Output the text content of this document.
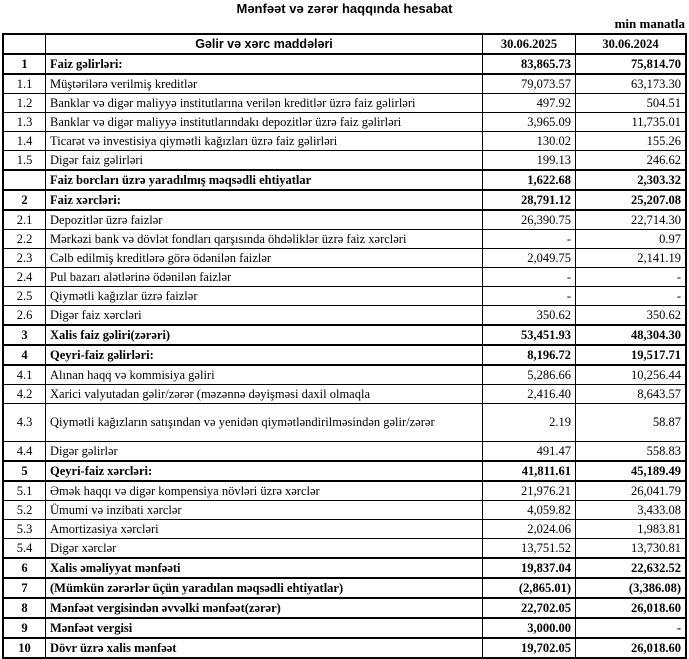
Mənfəət və zərər haqqında hesabat
min manatla
	Gəlir və xərc maddələri	30.06.2025	30.06.2024
1	Faiz gəlirləri:	83,865.73	75,814.70
1.1	Müştərilərə verilmiş kreditlər	79,073.57	63,173.30
1.2	Banklar və digər maliyyə institutlarına verilən kreditlər üzrə faiz gəlirləri	497.92	504.51
1.3	Banklar və digər maliyyə institutlarındakı depozitlər üzrə faiz gəlirləri	3,965.09	11,735.01
1.4	Ticarət və investisiya qiymətli kağızları üzrə faiz gəlirləri	130.02	155.26
1.5	Digər faiz gəlirləri	199.13	246.62
	Faiz borcları üzrə yaradılmış məqsədli ehtiyatlar	1,622.68	2,303.32
2	Faiz xərcləri:	28,791.12	25,207.08
2.1	Depozitlər üzrə faizlər	26,390.75	22,714.30
2.2	Mərkəzi bank və dövlət fondları qarşısında öhdəliklər üzrə faiz xərcləri	-	0.97
2.3	Cəlb edilmiş kreditlərə görə ödənilən faizlər	2,049.75	2,141.19
2.4	Pul bazarı alətlərinə ödənilən faizlər	-	-
2.5	Qiymətli kağızlar üzrə faizlər	-	-
2.6	Digər faiz xərcləri	350.62	350.62
3	Xalis faiz gəliri(zərəri)	53,451.93	48,304.30
4	Qeyri-faiz gəlirləri:	8,196.72	19,517.71
4.1	Alınan haqq və kommisiya gəliri	5,286.66	10,256.44
4.2	Xarici valyutadan gəlir/zərər (məzənnə dəyişməsi daxil olmaqla	2,416.40	8,643.57
4.3	Qiymətli kağızların satışından və yenidən qiymətləndirilməsindən gəlir/zərər	2.19	58.87
4.4	Digər gəlirlər	491.47	558.83
5	Qeyri-faiz xərcləri:	41,811.61	45,189.49
5.1	Əmək haqqı və digər kompensiya növləri üzrə xərclər	21,976.21	26,041.79
5.2	Ümumi və inzibati xərclər	4,059.82	3,433.08
5.3	Amortizasiya xərcləri	2,024.06	1,983.81
5.4	Digər xərclər	13,751.52	13,730.81
6	Xalis əməliyyat mənfəəti	19,837.04	22,632.52
7	(Mümkün zərərlər üçün yaradılan məqsədli ehtiyatlar)	(2,865.01)	(3,386.08)
8	Mənfəət vergisindən əvvəlki mənfəət(zərər)	22,702.05	26,018.60
9	Mənfəət vergisi	3,000.00	-
10	Dövr üzrə xalis mənfəət	19,702.05	26,018.60
